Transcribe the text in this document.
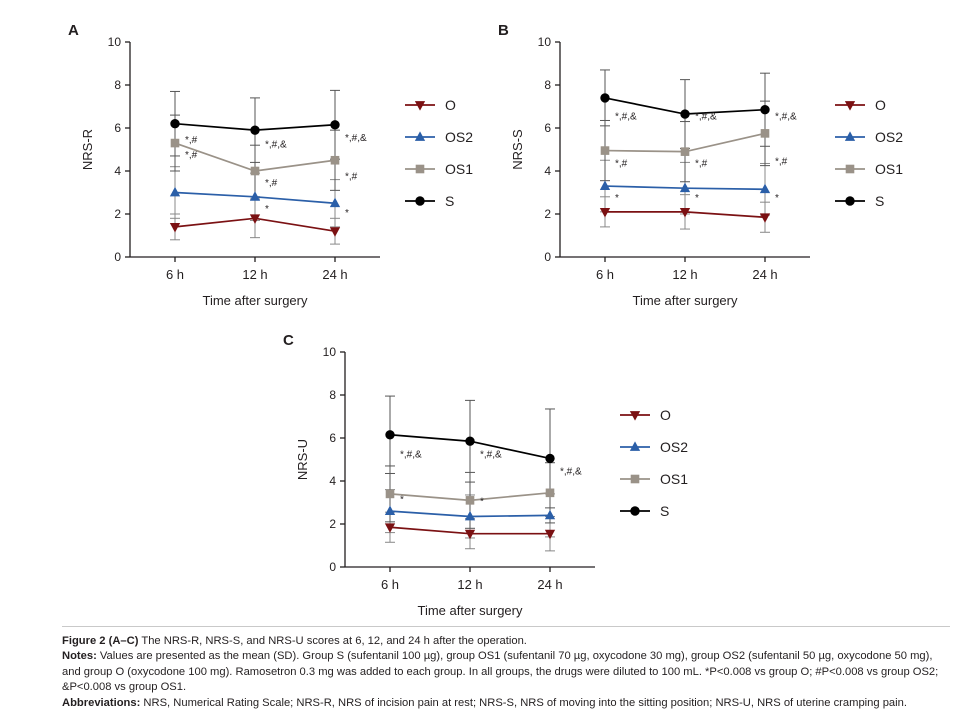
A
0
2
4
6
8
10
6 h	12 h	24 h
Time after surgery
NRS-R	*,#
*,#
*,#,&
*,#
*
*,#,&
*,#
*
O
OS2
OS1
S
B
0
2
4
6
8
10
6 h	12 h	24 h
Time after surgery
NRS-S
*,#,&
*,#
*
*,#,&
*,#
*
*,#,&
*,#
*
O
OS2
OS1
S
C
0
2
4
6
8
10
6 h	12 h	24 h
Time after surgery
NRS-U	*,#,&
*
*,#,&
*
*,#,&
O
OS2
OS1
S
Figure 2 (A–C) The NRS-R, NRS-S, and NRS-U scores at 6, 12, and 24 h after the operation.
Notes: Values are presented as the mean (SD). Group S (sufentanil 100 µg), group OS1 (sufentanil 70 µg, oxycodone 30 mg), group OS2 (sufentanil 50 µg, oxycodone 50 mg), and group O (oxycodone 100 mg). Ramosetron 0.3 mg was added to each group. In all groups, the drugs were diluted to 100 mL. *P<0.008 vs group O; #P<0.008 vs group OS2; &P<0.008 vs group OS1.
Abbreviations: NRS, Numerical Rating Scale; NRS-R, NRS of incision pain at rest; NRS-S, NRS of moving into the sitting position; NRS-U, NRS of uterine cramping pain.
